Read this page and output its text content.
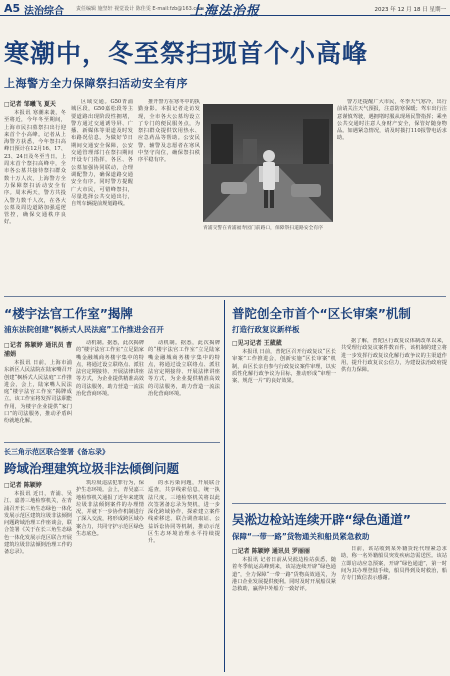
A5 法治综合 责任编辑 施坚轩 视觉设计 陈佳雯 E-mail:fzb@163.com
上海法治报	2023 年 12 月 18 日 星期一
寒潮中，冬至祭扫现首个小高峰
上海警方全力保障祭扫活动安全有序
□记者 邹曦飞 夏天

本报讯 寒潮来袭，冬至将近，今年冬至期间，上海市民扫墓祭扫出行迎来首个小高峰。记者从上海警方获悉，今年祭扫高峰日预计在12月16、17、23、24日及冬至当日。上周末首个祭扫高峰中，全市各公墓共接待祭扫群众数十万人次，上海警方全力保障祭扫活动安全有序。周末两天，警方共投入警力数千人次，在各大公墓及周边道路加强巡逻管控，确保交通秩序良好。

区域交通。G50青浦城区段，G50嘉松段等主要道路出现阶段性拥堵，警方通过交通诱导屏、广播、新媒体等渠道及时发布路况信息。为做好节日期间交通安全保障，公安交通管理部门在祭扫期间开设专门指挥，各区、各公墓加强协同联动，合理调配警力，确保道路交通安全有序。同时警方提醒广大市民，可错峰祭扫，尽量选择公共交通出行，自驾车辆提前规划路线。

推开警方在寒冬中的执勤身影。本报记者走访发现，全市各大公墓均设立了专门的便民服务点，为祭扫群众提供饮用热水、应急药品等帮助。公安民警、辅警及志愿者在寒风中坚守岗位，确保祭扫秩序平稳有序。

青浦交警在青浦福寿园门前路口，保障祭扫道路安全有序

警方还提醒广大市民，冬季天气寒冷，出行前请关注天气预报，注意防寒保暖；驾车出行注意谨慎驾驶，遇拥堵时服从现场民警指挥；乘坐公共交通时注意人身财产安全，保管好随身物品。如遇紧急情况，请及时拨打110报警电话求助。

“楼宇法官工作室”揭牌
浦东法院创建“枫桥式人民法庭”工作推进会召开
□记者 陈颖婷 通讯员 曹浦娟

本报讯 日前，上海市浦东新区人民法院在陆家嘴召开创建“枫桥式人民法庭”工作推进会，会上，陆家嘴人民法庭“楼宇法官工作室”揭牌成立。该工作室将发挥司法职能作用，为楼宇企业提供“家门口”的司法服务，推动矛盾纠纷就地化解。

动机制。据悉，此次揭牌的“楼宇法官工作室”立足陆家嘴金融城商务楼宇集中的特点，将通过设立联络点、派驻法官定期接待、开展法律讲座等方式，为企业提供精准高效的司法服务，助力营造一流法治化营商环境。

动机制。据悉，此次揭牌的“楼宇法官工作室”立足陆家嘴金融城商务楼宇集中的特点，将通过设立联络点、派驻法官定期接待、开展法律讲座等方式，为企业提供精准高效的司法服务，助力营造一流法治化营商环境。

长三角示范区联合签署《备忘录》
跨域治理建筑垃圾非法倾倒问题
□记者 陈颖婷

本报讯 近日，青浦、吴江、嘉善三地检察机关，在青浦召开长三角生态绿色一体化发展示范区建筑垃圾非法倾倒问题跨域治理工作座谈会，联合签署《关于在长三角生态绿色一体化发展示范区联合开展建筑垃圾非法倾倒治理工作的备忘录》。

筑垃圾违法犯罪行为，保护生态环境。会上，青吴嘉三地检察机关通报了近年来建筑垃圾非法倾倒案件的办理情况，并就下一步协作机制进行了深入交流，将形成跨区域办案合力，共同守护示范区绿色生态底色。

的水污染问题，开展联合巡查，共享线索信息，统一执法尺度。三地检察机关将以此次签署备忘录为契机，进一步深化跨域协作，探索建立案件线索移送、联合调查取证、公益诉讼协同等机制，推动示范区生态环境治理水平持续提升。

普陀创全市首个“区长审案”机制
打造行政复议新样板
□见习记者 王葳葳

本报讯 日前，普陀区召开行政复议“区长审案”工作推进会，创新实施“区长审案”机制，由区长亲自参与行政复议案件审理，以实质性化解行政争议为目标，推动形成“审理一案、规范一片”的良好效果。

据了解，普陀区行政复议体制改革以来，共受理行政复议案件数百件，该机制的建立将进一步发挥行政复议化解行政争议的主渠道作用，提升行政复议公信力，为建设法治政府提供有力保障。

吴淞边检站连续开辟“绿色通道”
保障“一带一路”货物通关和船员紧急救助
□记者 陈颖婷 通讯员 罗丽丽

本报讯 记者日前从吴淞边检站获悉，随着冬季航运高峰到来，该站连续开辟“绿色通道”，全力保障“一带一路”货物高效通关，为港口企业发展提供便利。同时及时开展船员紧急救助，赢得中外船方一致好评。

日前，该站收到某外籍货轮代理紧急求助，称一名外籍船员突发疾病急需送医。该站立即启动应急预案，开辟“绿色通道”，第一时间为其办理登陆手续，船员得到及时救治，船方专门致信表示感谢。
